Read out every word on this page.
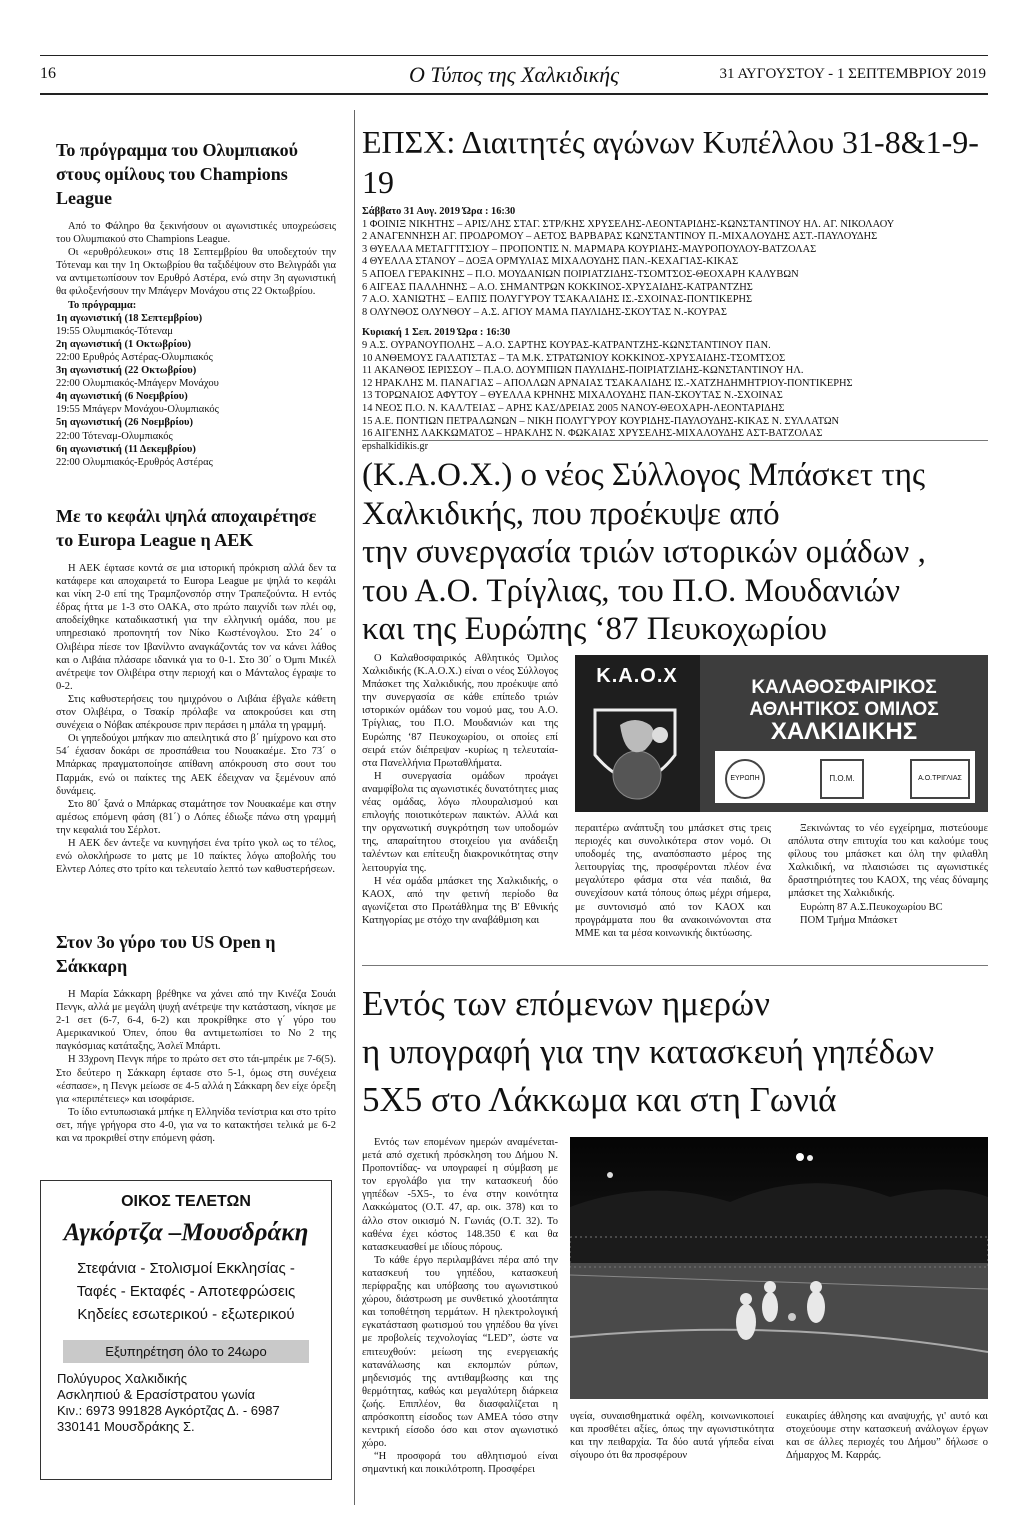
16	Ο Τύπος της Χαλκιδικής	31 ΑΥΓΟΥΣΤΟΥ - 1 ΣΕΠΤΕΜΒΡΙΟΥ 2019
Το πρόγραμμα του Ολυμπιακού στους ομίλους του Champions League

Από το Φάληρο θα ξεκινήσουν οι αγωνιστικές υποχρεώσεις του Ολυμπιακού στο Champions League.

Οι «ερυθρόλευκοι» στις 18 Σεπτεμβρίου θα υποδεχτούν την Τότεναμ και την 1η Οκτωβρίου θα ταξιδέψουν στο Βελιγράδι για να αντιμετωπίσουν τον Ερυθρό Αστέρα, ενώ στην 3η αγωνιστική θα φιλοξενήσουν την Μπάγερν Μονάχου στις 22 Οκτωβρίου.

Το πρόγραμμα:

1η αγωνιστική (18 Σεπτεμβρίου)

19:55 Ολυμπιακός-Τότεναμ

2η αγωνιστική (1 Οκτωβρίου)

22:00 Ερυθρός Αστέρας-Ολυμπιακός

3η αγωνιστική (22 Οκτωβρίου)

22:00 Ολυμπιακός-Μπάγερν Μονάχου

4η αγωνιστική (6 Νοεμβρίου)

19:55 Μπάγερν Μονάχου-Ολυμπιακός

5η αγωνιστική (26 Νοεμβρίου)

22:00 Τότεναμ-Ολυμπιακός

6η αγωνιστική (11 Δεκεμβρίου)

22:00 Ολυμπιακός-Ερυθρός Αστέρας

Με το κεφάλι ψηλά αποχαιρέτησε το Europa League η ΑΕΚ

Η ΑΕΚ έφτασε κοντά σε μια ιστορική πρόκριση αλλά δεν τα κατάφερε και αποχαιρετά το Europa League με ψηλά το κεφάλι και νίκη 2-0 επί της Τραμπζονσπόρ στην Τραπεζούντα. Η εντός έδρας ήττα με 1-3 στο ΟΑΚΑ, στο πρώτο παιχνίδι των πλέι οφ, αποδείχθηκε καταδικαστική για την ελληνική ομάδα, που με υπηρεσιακό προπονητή τον Νίκο Κωστένογλου. Στο 24΄ ο Ολιβέιρα πίεσε τον Ιβανίλντο αναγκάζοντάς τον να κάνει λάθος και ο Λιβάια πλάσαρε ιδανικά για το 0-1. Στο 30΄ ο Όμπι Μικέλ ανέτρεψε τον Ολιβέιρα στην περιοχή και ο Μάνταλος έγραψε το 0-2.

Στις καθυστερήσεις του ημιχρόνου ο Λιβάια έβγαλε κάθετη στον Ολιβέιρα, ο Τσακίρ πρόλαβε να αποκρούσει και στη συνέχεια ο Νόβακ απέκρουσε πριν περάσει η μπάλα τη γραμμή.

Οι γηπεδούχοι μπήκαν πιο απειλητικά στο β΄ ημίχρονο και στο 54΄ έχασαν δοκάρι σε προσπάθεια του Νουακαέμε. Στο 73΄ ο Μπάρκας πραγματοποίησε απίθανη απόκρουση στο σουτ του Παρμάκ, ενώ οι παίκτες της ΑΕΚ έδειχναν να ξεμένουν από δυνάμεις.

Στο 80΄ ξανά ο Μπάρκας σταμάτησε τον Νουακαέμε και στην αμέσως επόμενη φάση (81΄) ο Λόπες έδιωξε πάνω στη γραμμή την κεφαλιά του Σέρλοτ.

Η ΑΕΚ δεν άντεξε να κυνηγήσει ένα τρίτο γκολ ως το τέλος, ενώ ολοκλήρωσε το ματς με 10 παίκτες λόγω αποβολής του Ελντερ Λόπες στο τρίτο και τελευταίο λεπτό των καθυστερήσεων.

Στον 3ο γύρο του US Open η Σάκκαρη

Η Μαρία Σάκκαρη βρέθηκε να χάνει από την Κινέζα Σουάι Πενγκ, αλλά με μεγάλη ψυχή ανέτρεψε την κατάσταση, νίκησε με 2-1 σετ (6-7, 6-4, 6-2) και προκρίθηκε στο γ΄ γύρο του Αμερικανικού Όπεν, όπου θα αντιμετωπίσει το Νο 2 της παγκόσμιας κατάταξης, Άσλεϊ Μπάρτι.

Η 33χρονη Πενγκ πήρε το πρώτο σετ στο τάι-μπρέικ με 7-6(5). Στο δεύτερο η Σάκκαρη έφτασε στο 5-1, όμως στη συνέχεια «έσπασε», η Πενγκ μείωσε σε 4-5 αλλά η Σάκκαρη δεν είχε όρεξη για «περιπέτειες» και ισοφάρισε.

Το ίδιο εντυπωσιακά μπήκε η Ελληνίδα τενίστρια και στο τρίτο σετ, πήγε γρήγορα στο 4-0, για να το κατακτήσει τελικά με 6-2 και να προκριθεί στην επόμενη φάση.

ΟΙΚΟΣ ΤΕΛΕΤΩΝ
Αγκόρτζα –Μουσδράκη
Στεφάνια - Στολισμοί Εκκλησίας -
Ταφές - Εκταφές - Αποτεφρώσεις
Κηδείες εσωτερικού - εξωτερικού
Εξυπηρέτηση όλο το 24ωρο
Πολύγυρος Χαλκιδικής
Ασκληπιού & Ερασίστρατου γωνία
Κιν.: 6973 991828 Αγκόρτζας Δ. - 6987
330141 Μουσδράκης Σ.
ΕΠΣΧ: Διαιτητές αγώνων Κυπέλλου 31-8&1-9-19
Σάββατο 31 Αυγ. 2019 Ώρα : 16:30
1 ΦΟΙΝΙΞ ΝΙΚΗΤΗΣ – ΑΡΙΣ/ΛΗΣ ΣΤΑΓ. ΣΤΡ/ΚΗΣ ΧΡΥΣΕΛΗΣ-ΛΕΟΝΤΑΡΙΔΗΣ-ΚΩΝΣΤΑΝΤΙΝΟΥ ΗΛ. ΑΓ. ΝΙΚΟΛΑΟΥ
2 ΑΝΑΓΕΝΝΗΣΗ ΑΓ. ΠΡΟΔΡΟΜΟΥ – ΑΕΤΟΣ ΒΑΡΒΑΡΑΣ ΚΩΝΣΤΑΝΤΙΝΟΥ Π.-ΜΙΧΑΛΟΥΔΗΣ ΑΣΤ.-ΠΑΥΛΟΥΔΗΣ
3 ΘΥΕΛΛΑ ΜΕΤΑΓΓΙΤΣΙΟΥ – ΠΡΟΠΟΝΤΙΣ Ν. ΜΑΡΜΑΡΑ ΚΟΥΡΙΔΗΣ-ΜΑΥΡΟΠΟΥΛΟΥ-ΒΑΤΖΟΛΑΣ
4 ΘΥΕΛΛΑ ΣΤΑΝΟΥ – ΔΟΞΑ ΟΡΜΥΛΙΑΣ ΜΙΧΑΛΟΥΔΗΣ ΠΑΝ.-ΚΕΧΑΓΙΑΣ-ΚΙΚΑΣ
5 ΑΠΟΕΛ ΓΕΡΑΚΙΝΗΣ – Π.Ο. ΜΟΥΔΑΝΙΩΝ ΠΟΙΡΙΑΤΖΙΔΗΣ-ΤΣΟΜΤΣΟΣ-ΘΕΟΧΑΡΗ ΚΑΛΥΒΩΝ
6 ΑΙΓΕΑΣ ΠΑΛΛΗΝΗΣ – Α.Ο. ΣΗΜΑΝΤΡΩΝ ΚΟΚΚΙΝΟΣ-ΧΡΥΣΑΙΔΗΣ-ΚΑΤΡΑΝΤΖΗΣ
7 Α.Ο. ΧΑΝΙΩΤΗΣ – ΕΛΠΙΣ ΠΟΛΥΓΥΡΟΥ ΤΣΑΚΑΛΙΔΗΣ ΙΣ.-ΣΧΟΙΝΑΣ-ΠΟΝΤΙΚΕΡΗΣ
8 ΟΛΥΝΘΟΣ ΟΛΥΝΘΟΥ – Α.Σ. ΑΓΙΟΥ ΜΑΜΑ ΠΑΥΛΙΔΗΣ-ΣΚΟΥΤΑΣ Ν.-ΚΟΥΡΑΣ
Κυριακή 1 Σεπ. 2019 Ώρα : 16:30
9 Α.Σ. ΟΥΡΑΝΟΥΠΟΛΗΣ – Α.Ο. ΣΑΡΤΗΣ ΚΟΥΡΑΣ-ΚΑΤΡΑΝΤΖΗΣ-ΚΩΝΣΤΑΝΤΙΝΟΥ ΠΑΝ.
10 ΑΝΘΕΜΟΥΣ ΓΑΛΑΤΙΣΤΑΣ – ΤΑ Μ.Κ. ΣΤΡΑΤΩΝΙΟΥ ΚΟΚΚΙΝΟΣ-ΧΡΥΣΑΙΔΗΣ-ΤΣΟΜΤΣΟΣ
11 ΑΚΑΝΘΟΣ ΙΕΡΙΣΣΟΥ – Π.Α.Ο. ΔΟΥΜΠΙΩΝ ΠΑΥΛΙΔΗΣ-ΠΟΙΡΙΑΤΖΙΔΗΣ-ΚΩΝΣΤΑΝΤΙΝΟΥ ΗΛ.
12 ΗΡΑΚΛΗΣ Μ. ΠΑΝΑΓΙΑΣ – ΑΠΟΛΛΩΝ ΑΡΝΑΙΑΣ ΤΣΑΚΑΛΙΔΗΣ ΙΣ.-ΧΑΤΖΗΔΗΜΗΤΡΙΟΥ-ΠΟΝΤΙΚΕΡΗΣ
13 ΤΟΡΩΝΑΙΟΣ ΑΦΥΤΟΥ – ΘΥΕΛΛΑ ΚΡΗΝΗΣ ΜΙΧΑΛΟΥΔΗΣ ΠΑΝ-ΣΚΟΥΤΑΣ Ν.-ΣΧΟΙΝΑΣ
14 ΝΕΟΣ Π.Ο. Ν. ΚΑΛ/ΤΕΙΑΣ – ΑΡΗΣ ΚΑΣ/ΔΡΕΙΑΣ 2005 ΝΑΝΟΥ-ΘΕΟΧΑΡΗ-ΛΕΟΝΤΑΡΙΔΗΣ
15 Α.Ε. ΠΟΝΤΙΩΝ ΠΕΤΡΑΛΩΝΩΝ – ΝΙΚΗ ΠΟΛΥΓΥΡΟΥ ΚΟΥΡΙΔΗΣ-ΠΑΥΛΟΥΔΗΣ-ΚΙΚΑΣ Ν. ΣΥΛΛΑΤΩΝ
16 ΑΙΓΕΝΗΣ ΛΑΚΚΩΜΑΤΟΣ – ΗΡΑΚΛΗΣ Ν. ΦΩΚΑΙΑΣ ΧΡΥΣΕΛΗΣ-ΜΙΧΑΛΟΥΔΗΣ ΑΣΤ-ΒΑΤΖΟΛΑΣ
epshalkidikis.gr
(Κ.Α.Ο.Χ.) ο νέος Σύλλογος Μπάσκετ της
Χαλκιδικής, που προέκυψε από
την συνεργασία τριών ιστορικών ομάδων ,
του Α.Ο. Τρίγλιας, του Π.Ο. Μουδανιών
και της Ευρώπης ‘87 Πευκοχωρίου

Ο Καλαθοσφαιρικός Αθλητικός Όμιλος Χαλκιδικής (Κ.Α.Ο.Χ.) είναι ο νέος Σύλλογος Μπάσκετ της Χαλκιδικής, που προέκυψε από την συνεργασία σε κάθε επίπεδο τριών ιστορικών ομάδων του νομού μας, του Α.Ο. Τρίγλιας, του Π.Ο. Μουδανιών και της Ευρώπης ‘87 Πευκοχωρίου, οι οποίες επί σειρά ετών διέπρεψαν -κυρίως η τελευταία- στα Πανελλήνια Πρωταθλήματα.

Η συνεργασία ομάδων προάγει αναμφίβολα τις αγωνιστικές δυνατότητες μιας νέας ομάδας, λόγω πλουραλισμού και επιλογής ποιοτικότερων παικτών. Αλλά και την οργανωτική συγκρότηση των υποδομών της, απαραίτητου στοιχείου για ανάδειξη ταλέντων και επίτευξη διακρονικότητας στην λειτουργία της.

Η νέα ομάδα μπάσκετ της Χαλκιδικής, ο ΚΑΟΧ, από την φετινή περίοδο θα αγωνίζεται στο Πρωτάθλημα της Β' Εθνικής Κατηγορίας με στόχο την αναβάθμιση και

Κ.Α.Ο.Χ
ΚΑΛΑΘΟΣΦΑΙΡΙΚΟΣ
ΑΘΛΗΤΙΚΟΣ ΟΜΙΛΟΣ
ΧΑΛΚΙΔΙΚΗΣ
ΕΥΡΩΠΗ	Π.Ο.Μ.	Α.Ο.ΤΡΙΓΛΙΑΣ

περαιτέρω ανάπτυξη του μπάσκετ στις τρεις περιοχές και συνολικότερα στον νομό. Οι υποδομές της, αναπόσπαστο μέρος της λειτουργίας της, προσφέρονται πλέον ένα μεγαλύτερο φάσμα στα νέα παιδιά, θα συνεχίσουν κατά τόπους όπως μέχρι σήμερα, με συντονισμό από τον ΚΑΟΧ και προγράμματα που θα ανακοινώνονται στα ΜΜΕ και τα μέσα κοινωνικής δικτύωσης.

Ξεκινώντας το νέο εγχείρημα, πιστεύουμε απόλυτα στην επιτυχία του και καλούμε τους φίλους του μπάσκετ και όλη την φιλαθλη Χαλκιδική, να πλαισιώσει τις αγωνιστικές δραστηριότητες του ΚΑΟΧ, της νέας δύναμης μπάσκετ της Χαλκιδικής.

Ευρώπη 87 Α.Σ.Πευκοχωρίου ΒC

ΠΟΜ Τμήμα Μπάσκετ

Εντός των επόμενων ημερών
η υπογραφή για την κατασκευή γηπέδων
5Χ5 στο Λάκκωμα και στη Γωνιά

Εντός των επομένων ημερών αναμένεται- μετά από σχετική πρόσκληση του Δήμου Ν. Προποντίδας- να υπογραφεί η σύμβαση με τον εργολάβο για την κατασκευή δύο γηπέδων -5Χ5-, το ένα στην κοινότητα Λακκώματος (Ο.Τ. 47, αρ. οικ. 378) και το άλλο στον οικισμό Ν. Γωνιάς (Ο.Τ. 32). Το καθένα έχει κόστος 148.350 € και θα κατασκευασθεί με ιδίους πόρους.

Το κάθε έργο περιλαμβάνει πέρα από την κατασκευή του γηπέδου, κατασκευή περίφραξης και υπόβασης του αγωνιστικού χώρου, διάστρωση με συνθετικό χλοοτάπητα και τοποθέτηση τερμάτων. Η ηλεκτρολογική εγκατάσταση φωτισμού του γηπέδου θα γίνει με προβολείς τεχνολογίας “LED”, ώστε να επιτευχθούν: μείωση της ενεργειακής κατανάλωσης και εκπομπών ρύπων, μηδενισμός της αντιθαμβωσης και της θερμότητας, καθώς και μεγαλύτερη διάρκεια ζωής. Επιπλέον, θα διασφαλίζεται η απρόσκοπτη είσοδος των ΑΜΕΑ τόσο στην κεντρική είσοδο όσο και στον αγωνιστικό χώρο.

“Η προσφορά του αθλητισμού είναι σημαντική και ποικιλότροπη. Προσφέρει

υγεία, συναισθηματικά οφέλη, κοινωνικοποιεί και προσθέτει αξίες, όπως την αγωνιστικότητα και την πειθαρχία. Τα δύο αυτά γήπεδα είναι σίγουρο ότι θα προσφέρουν

ευκαιρίες άθλησης και αναψυχής, γι' αυτό και στοχεύουμε στην κατασκευή ανάλογων έργων και σε άλλες περιοχές του Δήμου” δήλωσε ο Δήμαρχος Μ. Καρράς.
